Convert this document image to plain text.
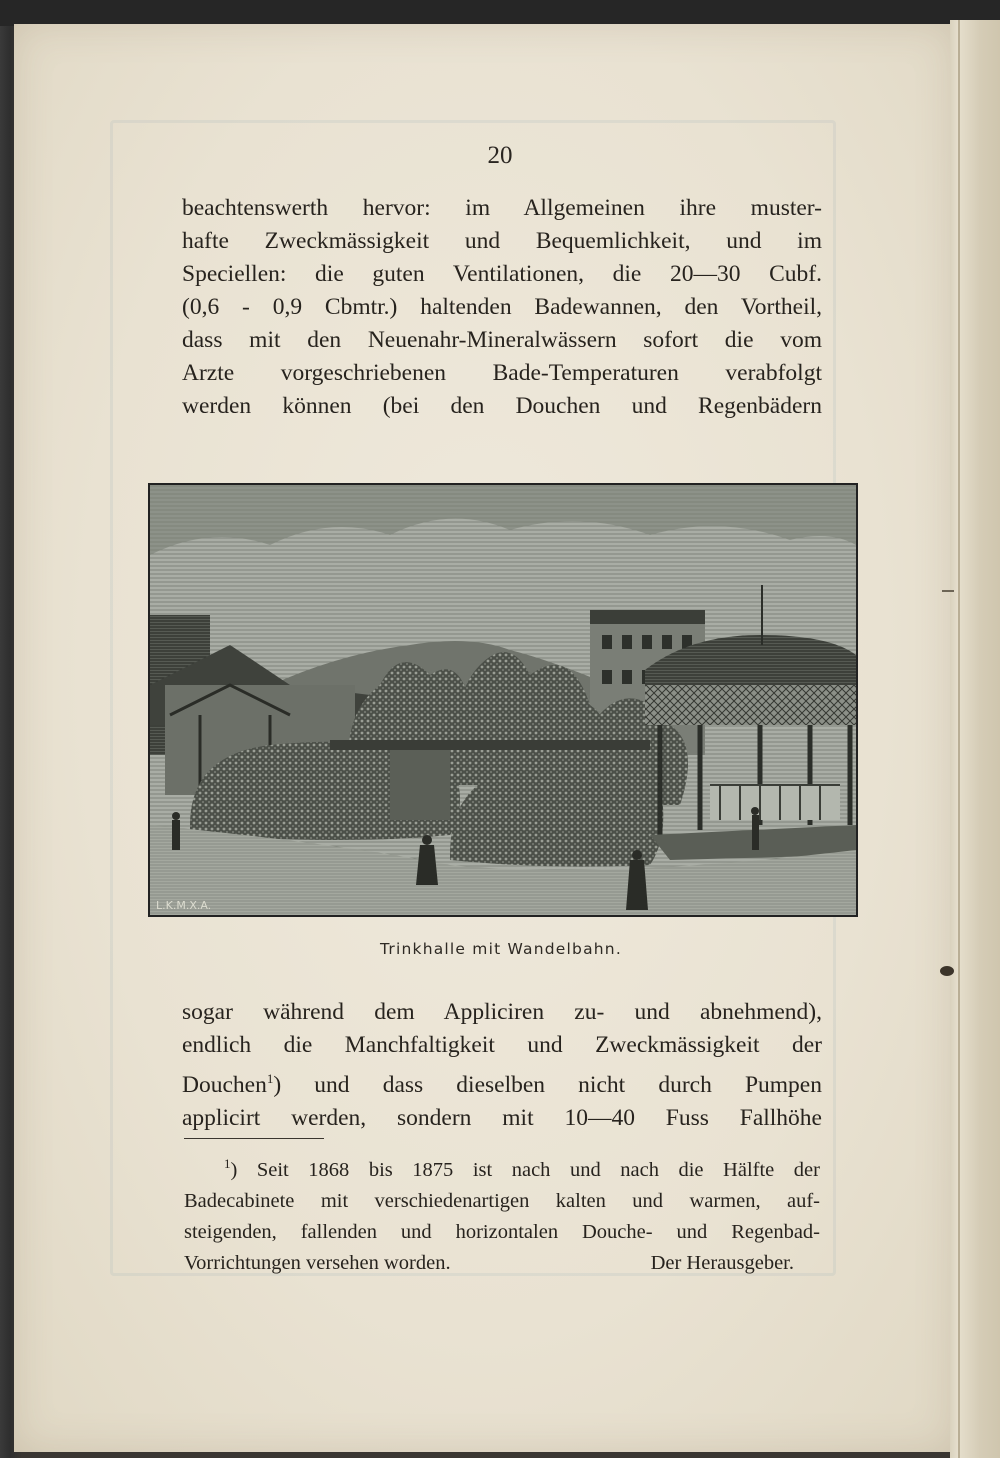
20
beachtenswerth hervor: im Allgemeinen ihre muster-
hafte Zweckmässigkeit und Bequemlichkeit, und im
Speciellen: die guten Ventilationen, die 20—30 Cubf.
(0,6 - 0,9 Cbmtr.) haltenden Badewannen, den Vortheil,
dass mit den Neuenahr-Mineralwässern sofort die vom
Arzte vorgeschriebenen Bade-Temperaturen verabfolgt
werden können (bei den Douchen und Regenbädern
L.K.M.X.A.
Trinkhalle mit Wandelbahn.
sogar während dem Appliciren zu- und abnehmend),
endlich die Manchfaltigkeit und Zweckmässigkeit der
Douchen$^1$) und dass dieselben nicht durch Pumpen
applicirt werden, sondern mit 10—40 Fuss Fallhöhe
$^1$) Seit 1868 bis 1875 ist nach und nach die Hälfte der
Badecabinete mit verschiedenartigen kalten und warmen, auf-
steigenden, fallenden und horizontalen Douche- und Regenbad-
Vorrichtungen versehen worden.	Der Herausgeber.
